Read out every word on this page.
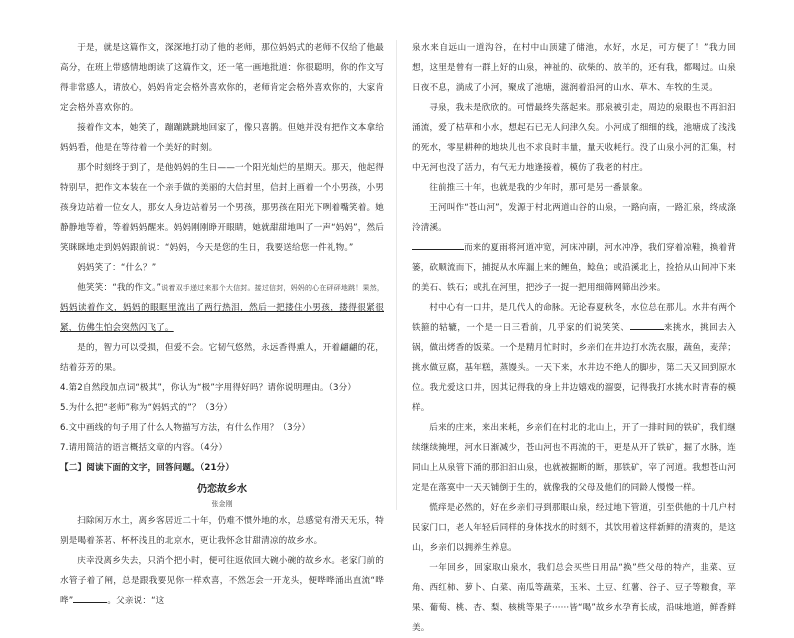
于是，就是这篇作文，深深地打动了他的老师，那位妈妈式的老师不仅给了他最高分，在班上带感情地朗读了这篇作文，还一笔一画地批道：你很聪明，你的作文写得非常感人，请放心，妈妈肯定会格外喜欢你的，老师肯定会格外喜欢你的，大家肯定会格外喜欢你的。

接着作文本，她笑了，蹦蹦跳跳地回家了，像只喜鹊。但她并没有把作文本拿给妈妈看，他是在等待着一个美好的时刻。

那个时刻终于到了，是他妈妈的生日——一个阳光灿烂的星期天。那天，他起得特别早，把作文本装在一个亲手做的美丽的大信封里，信封上画着一个小男孩，小男孩身边站着一位女人，那女人身边站着另一个男孩，那男孩在阳光下咧着嘴笑着。她静静地等着，等着妈妈醒来。妈妈刚刚睁开眼睛，她就甜甜地叫了一声“妈妈”，然后笑眯眯地走到妈妈跟前说：“妈妈，今天是您的生日，我要送给您一件礼物。”

妈妈笑了：“什么？”

他笑笑：“我的作文。”说着双手递过来那个大信封。接过信封，妈妈的心在砰砰地跳！果然，妈妈读着作文，妈妈的眼眶里流出了两行热泪，然后一把搂住小男孩，搂得很紧很紧，仿佛生怕会突然闪飞了。

是的，智力可以受损，但爱不会。它韧气悠然，永远香得熏人，开着翩翩的花，结着芬芳的果。

4.第2自然段加点词“极其”，你认为“极”字用得好吗？请你说明理由。（3分）

5.为什么把“老师”称为“妈妈式的”？（3分）

6.文中画线的句子用了什么人物描写方法，有什么作用？（3分）

7.请用简洁的语言概括文章的内容。（4分）

【二】阅读下面的文字，回答问题。（21分）

仍恋故乡水

张金刚

扫除闲万水土，离乡客居近二十年，仍难不惯外地的水，总感觉有滑天无乐，特别是喝着茶茗、杯杯浅且的北京水，更让我怀念甘甜清凉的故乡水。

庆幸没离乡失去，只消个把小时，便可往返依回大碗小碗的故乡水。老家门前的水管子着了闸，总是跟我要见你一样欢喜，不然怎会一开龙头，便哗哗涌出直流“哗哗”	。父亲说：“这

泉水来自远山一道沟谷，在村中山顶建了储池，水好，水足，可方便了！”我力回想，这里是曾有一群上好的山泉，神祉的、砍柴的、放羊的，还有我，都喝过。山泉日夜不息，淌成了小河，聚成了池塘，滋润着沿河的山水、草木、车牧的生灵。

寻泉，我未是欣欣的。可惜最终失落起来。那泉被引走，周边的泉眼也不再汩汩涌流，爱了枯草和小水，想起石已无人问津久矣。小河成了细细的线，池塘成了浅浅的死水，零星耕种的地块儿也不求良时丰量，量天收耗行。没了山泉小河的汇集，村中无河也没了活力，有气无力地逢接着，模仿了我老的村庄。

往前推三十年，也就是我的少年时，那可是另一番景象。

王河叫作“苍山河”，发源于村北两道山谷的山泉，一路向南，一路汇泉，终成涤泠清溪。

而来的夏雨将河道冲宽，河床冲刷，河水冲净，我们穿着凉鞋，换着背篓，砍顺流而下，捕捉从水库漏上来的鲤鱼，鲶鱼；或沿溪北上，捡拾从山间冲下来的美石、铁石；或扎在河里，把沙子一捉一把用细筛网筛出沙来。

村中心有一口井，是几代人的命脉。无论春夏秋冬，水位总在那儿。水井有两个铁箍的轱辘，一个是一日三看前，几乎家的们说笑笑、	来挑水，挑回去入锅，做出烤香的饭菜。一个是精月忙时时，乡亲们在井边打水洗衣服，蔬鱼，麦萍；挑水做豆腐，基年糕，蒸馒头。一天下来，水井边不绝人的脚步，第二天又回到原水位。我尤爱这口井，因其记得我的身上井边嬉戏的溜耍，记得我打水挑水时青春的模样。

后来的庄来，来出来耗，乡亲们在村北的北山上，开了一排时间的铁矿，我们继续继续掩埋，河水日渐减少，苍山河也不再流的干，更是从开了铁矿，掘了水脉，连同山上从泉管下涌的那汩汩山泉，也就被掘断的断，那铁矿，宰了河道。我想苍山河定是在落寞中一天天铺倒于生的，就像我的父母及他们的同龄人慢慢一样。

慌痒是必然的，好在乡亲们寻到那眼山泉，经过地下管道，引至供他的十几户村民家门口，老人年轻后同样的身体找水的时刻不，其饮用着这样新鲜的清爽的，是这山，乡亲们以拥养生养息。

一年回乡，回家取山泉水，我们总会买些日用品“换”些父母的特产，韭菜、豆角、西红柿、萝卜、白菜、南瓜等蔬菜，玉米、土豆、红薯、谷子、豆子等粮食，苹果、葡萄、桃、杏、梨、核桃等果子······皆“喝”故乡水孕育长成，沿味地道，鲜香鲜美。
